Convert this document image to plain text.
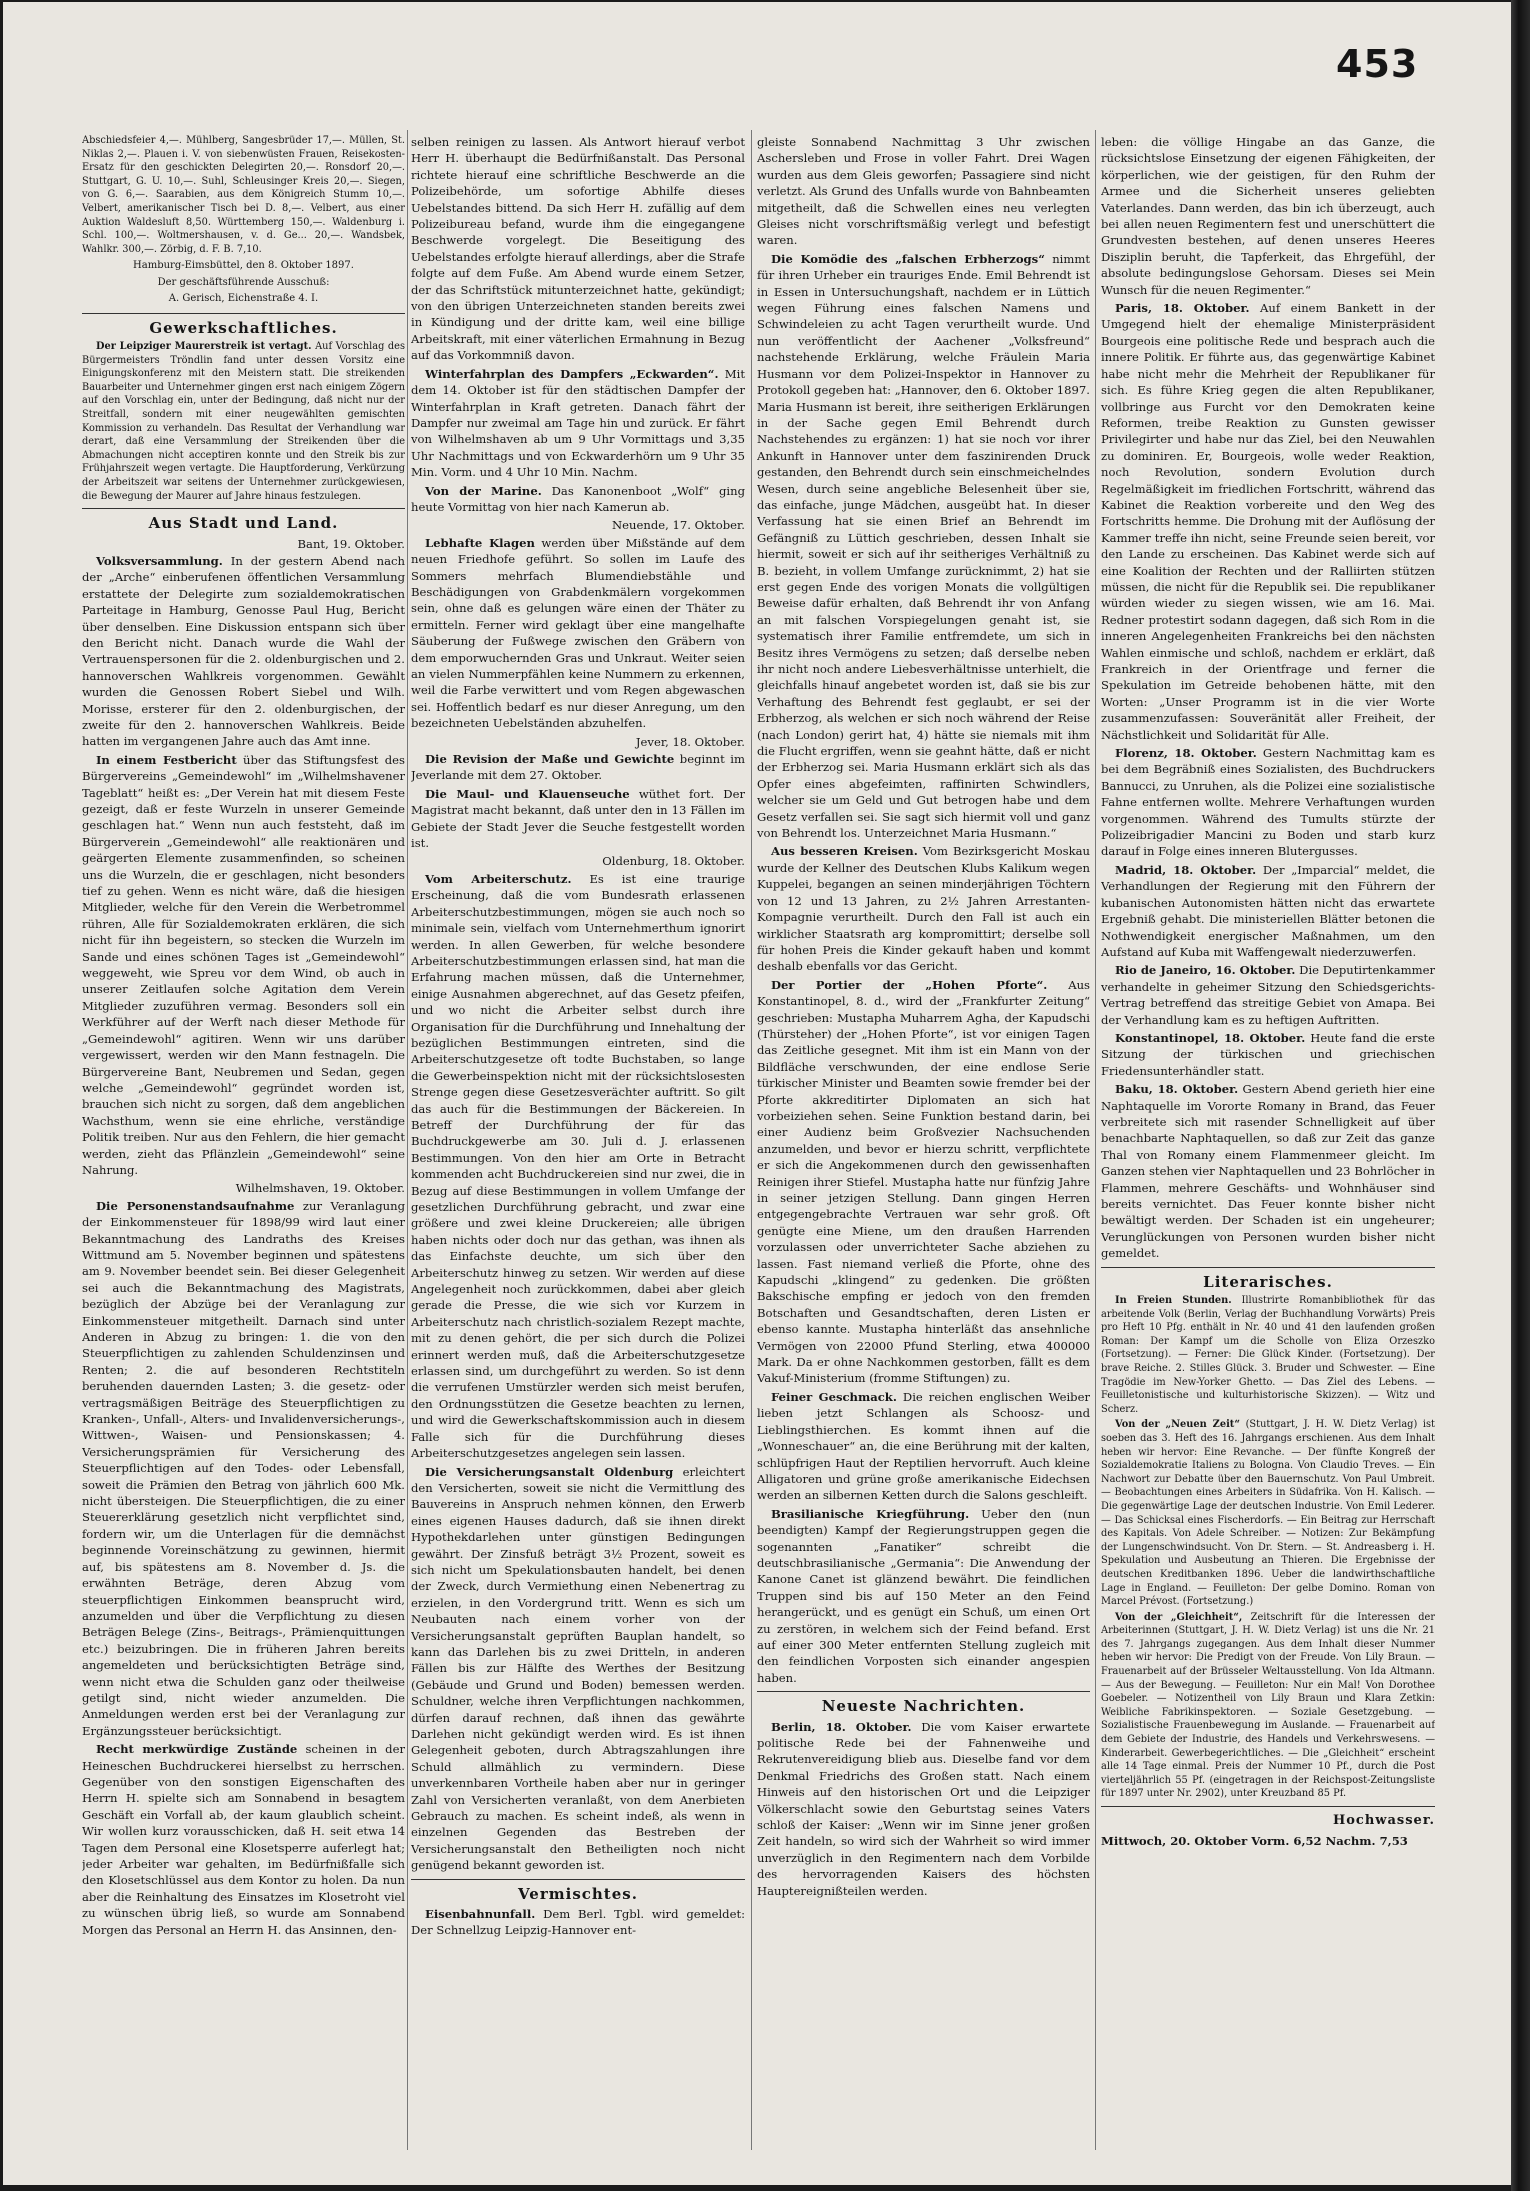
453

Abschiedsfeier 4,—. Mühlberg, Sangesbrüder 17,—. Müllen, St. Niklas 2,—. Plauen i. V. von siebenwüsten Frauen, Reisekosten-Ersatz für den geschickten Delegirten 20,—. Ronsdorf 20,—. Stuttgart, G. U. 10,—. Suhl, Schleusinger Kreis 20,—. Siegen, von G. 6,—. Saarabien, aus dem Königreich Stumm 10,—. Velbert, amerikanischer Tisch bei D. 8,—. Velbert, aus einer Auktion Waldesluft 8,50. Württemberg 150,—. Waldenburg i. Schl. 100,—. Woltmershausen, v. d. Ge... 20,—. Wandsbek, Wahlkr. 300,—. Zörbig, d. F. B. 7,10.

Hamburg-Eimsbüttel, den 8. Oktober 1897.
Der geschäftsführende Ausschuß:
A. Gerisch, Eichenstraße 4. I.
Gewerkschaftliches.

Der Leipziger Maurerstreik ist vertagt. Auf Vorschlag des Bürgermeisters Tröndlin fand unter dessen Vorsitz eine Einigungskonferenz mit den Meistern statt. Die streikenden Bauarbeiter und Unternehmer gingen erst nach einigem Zögern auf den Vorschlag ein, unter der Bedingung, daß nicht nur der Streitfall, sondern mit einer neugewählten gemischten Kommission zu verhandeln. Das Resultat der Verhandlung war derart, daß eine Versammlung der Streikenden über die Abmachungen nicht acceptiren konnte und den Streik bis zur Frühjahrszeit wegen vertagte. Die Hauptforderung, Verkürzung der Arbeitszeit war seitens der Unternehmer zurückgewiesen, die Bewegung der Maurer auf Jahre hinaus festzulegen.

Aus Stadt und Land.
Bant, 19. Oktober.

Volksversammlung. In der gestern Abend nach der „Arche“ einberufenen öffentlichen Versammlung erstattete der Delegirte zum sozialdemokratischen Parteitage in Hamburg, Genosse Paul Hug, Bericht über denselben. Eine Diskussion entspann sich über den Bericht nicht. Danach wurde die Wahl der Vertrauenspersonen für die 2. oldenburgischen und 2. hannoverschen Wahlkreis vorgenommen. Gewählt wurden die Genossen Robert Siebel und Wilh. Morisse, ersterer für den 2. oldenburgischen, der zweite für den 2. hannoverschen Wahlkreis. Beide hatten im vergangenen Jahre auch das Amt inne.

In einem Festbericht über das Stiftungsfest des Bürgervereins „Gemeindewohl“ im „Wilhelmshavener Tageblatt“ heißt es: „Der Verein hat mit diesem Feste gezeigt, daß er feste Wurzeln in unserer Gemeinde geschlagen hat.“ Wenn nun auch feststeht, daß im Bürgerverein „Gemeindewohl“ alle reaktionären und geärgerten Elemente zusammenfinden, so scheinen uns die Wurzeln, die er geschlagen, nicht besonders tief zu gehen. Wenn es nicht wäre, daß die hiesigen Mitglieder, welche für den Verein die Werbetrommel rühren, Alle für Sozialdemokraten erklären, die sich nicht für ihn begeistern, so stecken die Wurzeln im Sande und eines schönen Tages ist „Gemeindewohl“ weggeweht, wie Spreu vor dem Wind, ob auch in unserer Zeitlaufen solche Agitation dem Verein Mitglieder zuzuführen vermag. Besonders soll ein Werkführer auf der Werft nach dieser Methode für „Gemeindewohl“ agitiren. Wenn wir uns darüber vergewissert, werden wir den Mann festnageln. Die Bürgervereine Bant, Neubremen und Sedan, gegen welche „Gemeindewohl“ gegründet worden ist, brauchen sich nicht zu sorgen, daß dem angeblichen Wachsthum, wenn sie eine ehrliche, verständige Politik treiben. Nur aus den Fehlern, die hier gemacht werden, zieht das Pflänzlein „Gemeindewohl“ seine Nahrung.

Wilhelmshaven, 19. Oktober.

Die Personenstandsaufnahme zur Veranlagung der Einkommensteuer für 1898/99 wird laut einer Bekanntmachung des Landraths des Kreises Wittmund am 5. November beginnen und spätestens am 9. November beendet sein. Bei dieser Gelegenheit sei auch die Bekanntmachung des Magistrats, bezüglich der Abzüge bei der Veranlagung zur Einkommensteuer mitgetheilt. Darnach sind unter Anderen in Abzug zu bringen: 1. die von den Steuerpflichtigen zu zahlenden Schuldenzinsen und Renten; 2. die auf besonderen Rechtstiteln beruhenden dauernden Lasten; 3. die gesetz- oder vertragsmäßigen Beiträge des Steuerpflichtigen zu Kranken-, Unfall-, Alters- und Invalidenversicherungs-, Wittwen-, Waisen- und Pensionskassen; 4. Versicherungsprämien für Versicherung des Steuerpflichtigen auf den Todes- oder Lebensfall, soweit die Prämien den Betrag von jährlich 600 Mk. nicht übersteigen. Die Steuerpflichtigen, die zu einer Steuererklärung gesetzlich nicht verpflichtet sind, fordern wir, um die Unterlagen für die demnächst beginnende Voreinschätzung zu gewinnen, hiermit auf, bis spätestens am 8. November d. Js. die erwähnten Beträge, deren Abzug vom steuerpflichtigen Einkommen beansprucht wird, anzumelden und über die Verpflichtung zu diesen Beträgen Belege (Zins-, Beitrags-, Prämienquittungen etc.) beizubringen. Die in früheren Jahren bereits angemeldeten und berücksichtigten Beträge sind, wenn nicht etwa die Schulden ganz oder theilweise getilgt sind, nicht wieder anzumelden. Die Anmeldungen werden erst bei der Veranlagung zur Ergänzungssteuer berücksichtigt.

Recht merkwürdige Zustände scheinen in der Heineschen Buchdruckerei hierselbst zu herrschen. Gegenüber von den sonstigen Eigenschaften des Herrn H. spielte sich am Sonnabend in besagtem Geschäft ein Vorfall ab, der kaum glaublich scheint. Wir wollen kurz vorausschicken, daß H. seit etwa 14 Tagen dem Personal eine Klosetsperre auferlegt hat; jeder Arbeiter war gehalten, im Bedürfnißfalle sich den Klosetschlüssel aus dem Kontor zu holen. Da nun aber die Reinhaltung des Einsatzes im Klosetroht viel zu wünschen übrig ließ, so wurde am Sonnabend Morgen das Personal an Herrn H. das Ansinnen, den-

selben reinigen zu lassen. Als Antwort hierauf verbot Herr H. überhaupt die Bedürfnißanstalt. Das Personal richtete hierauf eine schriftliche Beschwerde an die Polizeibehörde, um sofortige Abhilfe dieses Uebelstandes bittend. Da sich Herr H. zufällig auf dem Polizeibureau befand, wurde ihm die eingegangene Beschwerde vorgelegt. Die Beseitigung des Uebelstandes erfolgte hierauf allerdings, aber die Strafe folgte auf dem Fuße. Am Abend wurde einem Setzer, der das Schriftstück mitunterzeichnet hatte, gekündigt; von den übrigen Unterzeichneten standen bereits zwei in Kündigung und der dritte kam, weil eine billige Arbeitskraft, mit einer väterlichen Ermahnung in Bezug auf das Vorkommniß davon.

Winterfahrplan des Dampfers „Eckwarden“. Mit dem 14. Oktober ist für den städtischen Dampfer der Winterfahrplan in Kraft getreten. Danach fährt der Dampfer nur zweimal am Tage hin und zurück. Er fährt von Wilhelmshaven ab um 9 Uhr Vormittags und 3,35 Uhr Nachmittags und von Eckwarderhörn um 9 Uhr 35 Min. Vorm. und 4 Uhr 10 Min. Nachm.

Von der Marine. Das Kanonenboot „Wolf“ ging heute Vormittag von hier nach Kamerun ab.

Neuende, 17. Oktober.

Lebhafte Klagen werden über Mißstände auf dem neuen Friedhofe geführt. So sollen im Laufe des Sommers mehrfach Blumendiebstähle und Beschädigungen von Grabdenkmälern vorgekommen sein, ohne daß es gelungen wäre einen der Thäter zu ermitteln. Ferner wird geklagt über eine mangelhafte Säuberung der Fußwege zwischen den Gräbern von dem emporwuchernden Gras und Unkraut. Weiter seien an vielen Nummerpfählen keine Nummern zu erkennen, weil die Farbe verwittert und vom Regen abgewaschen sei. Hoffentlich bedarf es nur dieser Anregung, um den bezeichneten Uebelständen abzuhelfen.

Jever, 18. Oktober.

Die Revision der Maße und Gewichte beginnt im Jeverlande mit dem 27. Oktober.

Die Maul- und Klauenseuche wüthet fort. Der Magistrat macht bekannt, daß unter den in 13 Fällen im Gebiete der Stadt Jever die Seuche festgestellt worden ist.

Oldenburg, 18. Oktober.

Vom Arbeiterschutz. Es ist eine traurige Erscheinung, daß die vom Bundesrath erlassenen Arbeiterschutzbestimmungen, mögen sie auch noch so minimale sein, vielfach vom Unternehmerthum ignorirt werden. In allen Gewerben, für welche besondere Arbeiterschutzbestimmungen erlassen sind, hat man die Erfahrung machen müssen, daß die Unternehmer, einige Ausnahmen abgerechnet, auf das Gesetz pfeifen, und wo nicht die Arbeiter selbst durch ihre Organisation für die Durchführung und Innehaltung der bezüglichen Bestimmungen eintreten, sind die Arbeiterschutzgesetze oft todte Buchstaben, so lange die Gewerbeinspektion nicht mit der rücksichtslosesten Strenge gegen diese Gesetzesverächter auftritt. So gilt das auch für die Bestimmungen der Bäckereien. In Betreff der Durchführung der für das Buchdruckgewerbe am 30. Juli d. J. erlassenen Bestimmungen. Von den hier am Orte in Betracht kommenden acht Buchdruckereien sind nur zwei, die in Bezug auf diese Bestimmungen in vollem Umfange der gesetzlichen Durchführung gebracht, und zwar eine größere und zwei kleine Druckereien; alle übrigen haben nichts oder doch nur das gethan, was ihnen als das Einfachste deuchte, um sich über den Arbeiterschutz hinweg zu setzen. Wir werden auf diese Angelegenheit noch zurückkommen, dabei aber gleich gerade die Presse, die wie sich vor Kurzem in Arbeiterschutz nach christlich-sozialem Rezept machte, mit zu denen gehört, die per sich durch die Polizei erinnert werden muß, daß die Arbeiterschutzgesetze erlassen sind, um durchgeführt zu werden. So ist denn die verrufenen Umstürzler werden sich meist berufen, den Ordnungsstützen die Gesetze beachten zu lernen, und wird die Gewerkschaftskommission auch in diesem Falle sich für die Durchführung dieses Arbeiterschutzgesetzes angelegen sein lassen.

Die Versicherungsanstalt Oldenburg erleichtert den Versicherten, soweit sie nicht die Vermittlung des Bauvereins in Anspruch nehmen können, den Erwerb eines eigenen Hauses dadurch, daß sie ihnen direkt Hypothekdarlehen unter günstigen Bedingungen gewährt. Der Zinsfuß beträgt 3½ Prozent, soweit es sich nicht um Spekulationsbauten handelt, bei denen der Zweck, durch Vermiethung einen Nebenertrag zu erzielen, in den Vordergrund tritt. Wenn es sich um Neubauten nach einem vorher von der Versicherungsanstalt geprüften Bauplan handelt, so kann das Darlehen bis zu zwei Dritteln, in anderen Fällen bis zur Hälfte des Werthes der Besitzung (Gebäude und Grund und Boden) bemessen werden. Schuldner, welche ihren Verpflichtungen nachkommen, dürfen darauf rechnen, daß ihnen das gewährte Darlehen nicht gekündigt werden wird. Es ist ihnen Gelegenheit geboten, durch Abtragszahlungen ihre Schuld allmählich zu vermindern. Diese unverkennbaren Vortheile haben aber nur in geringer Zahl von Versicherten veranlaßt, von dem Anerbieten Gebrauch zu machen. Es scheint indeß, als wenn in einzelnen Gegenden das Bestreben der Versicherungsanstalt den Betheiligten noch nicht genügend bekannt geworden ist.

Vermischtes.

Eisenbahnunfall. Dem Berl. Tgbl. wird gemeldet: Der Schnellzug Leipzig-Hannover ent-

gleiste Sonnabend Nachmittag 3 Uhr zwischen Aschersleben und Frose in voller Fahrt. Drei Wagen wurden aus dem Gleis geworfen; Passagiere sind nicht verletzt. Als Grund des Unfalls wurde von Bahnbeamten mitgetheilt, daß die Schwellen eines neu verlegten Gleises nicht vorschriftsmäßig verlegt und befestigt waren.

Die Komödie des „falschen Erbherzogs“ nimmt für ihren Urheber ein trauriges Ende. Emil Behrendt ist in Essen in Untersuchungshaft, nachdem er in Lüttich wegen Führung eines falschen Namens und Schwindeleien zu acht Tagen verurtheilt wurde. Und nun veröffentlicht der Aachener „Volksfreund“ nachstehende Erklärung, welche Fräulein Maria Husmann vor dem Polizei-Inspektor in Hannover zu Protokoll gegeben hat: „Hannover, den 6. Oktober 1897. Maria Husmann ist bereit, ihre seitherigen Erklärungen in der Sache gegen Emil Behrendt durch Nachstehendes zu ergänzen: 1) hat sie noch vor ihrer Ankunft in Hannover unter dem faszinirenden Druck gestanden, den Behrendt durch sein einschmeichelndes Wesen, durch seine angebliche Belesenheit über sie, das einfache, junge Mädchen, ausgeübt hat. In dieser Verfassung hat sie einen Brief an Behrendt im Gefängniß zu Lüttich geschrieben, dessen Inhalt sie hiermit, soweit er sich auf ihr seitheriges Verhältniß zu B. bezieht, in vollem Umfange zurücknimmt, 2) hat sie erst gegen Ende des vorigen Monats die vollgültigen Beweise dafür erhalten, daß Behrendt ihr von Anfang an mit falschen Vorspiegelungen genaht ist, sie systematisch ihrer Familie entfremdete, um sich in Besitz ihres Vermögens zu setzen; daß derselbe neben ihr nicht noch andere Liebesverhältnisse unterhielt, die gleichfalls hinauf angebetet worden ist, daß sie bis zur Verhaftung des Behrendt fest geglaubt, er sei der Erbherzog, als welchen er sich noch während der Reise (nach London) gerirt hat, 4) hätte sie niemals mit ihm die Flucht ergriffen, wenn sie geahnt hätte, daß er nicht der Erbherzog sei. Maria Husmann erklärt sich als das Opfer eines abgefeimten, raffinirten Schwindlers, welcher sie um Geld und Gut betrogen habe und dem Gesetz verfallen sei. Sie sagt sich hiermit voll und ganz von Behrendt los. Unterzeichnet Maria Husmann.“

Aus besseren Kreisen. Vom Bezirksgericht Moskau wurde der Kellner des Deutschen Klubs Kalikum wegen Kuppelei, begangen an seinen minderjährigen Töchtern von 12 und 13 Jahren, zu 2½ Jahren Arrestanten-Kompagnie verurtheilt. Durch den Fall ist auch ein wirklicher Staatsrath arg kompromittirt; derselbe soll für hohen Preis die Kinder gekauft haben und kommt deshalb ebenfalls vor das Gericht.

Der Portier der „Hohen Pforte“. Aus Konstantinopel, 8. d., wird der „Frankfurter Zeitung“ geschrieben: Mustapha Muharrem Agha, der Kapudschi (Thürsteher) der „Hohen Pforte“, ist vor einigen Tagen das Zeitliche gesegnet. Mit ihm ist ein Mann von der Bildfläche verschwunden, der eine endlose Serie türkischer Minister und Beamten sowie fremder bei der Pforte akkreditirter Diplomaten an sich hat vorbeiziehen sehen. Seine Funktion bestand darin, bei einer Audienz beim Großvezier Nachsuchenden anzumelden, und bevor er hierzu schritt, verpflichtete er sich die Angekommenen durch den gewissenhaften Reinigen ihrer Stiefel. Mustapha hatte nur fünfzig Jahre in seiner jetzigen Stellung. Dann gingen Herren entgegengebrachte Vertrauen war sehr groß. Oft genügte eine Miene, um den draußen Harrenden vorzulassen oder unverrichteter Sache abziehen zu lassen. Fast niemand verließ die Pforte, ohne des Kapudschi „klingend“ zu gedenken. Die größten Bakschische empfing er jedoch von den fremden Botschaften und Gesandtschaften, deren Listen er ebenso kannte. Mustapha hinterläßt das ansehnliche Vermögen von 22000 Pfund Sterling, etwa 400000 Mark. Da er ohne Nachkommen gestorben, fällt es dem Vakuf-Ministerium (fromme Stiftungen) zu.

Feiner Geschmack. Die reichen englischen Weiber lieben jetzt Schlangen als Schoosz- und Lieblingsthierchen. Es kommt ihnen auf die „Wonneschauer“ an, die eine Berührung mit der kalten, schlüpfrigen Haut der Reptilien hervorruft. Auch kleine Alligatoren und grüne große amerikanische Eidechsen werden an silbernen Ketten durch die Salons geschleift.

Brasilianische Kriegführung. Ueber den (nun beendigten) Kampf der Regierungstruppen gegen die sogenannten „Fanatiker“ schreibt die deutschbrasilianische „Germania“: Die Anwendung der Kanone Canet ist glänzend bewährt. Die feindlichen Truppen sind bis auf 150 Meter an den Feind herangerückt, und es genügt ein Schuß, um einen Ort zu zerstören, in welchem sich der Feind befand. Erst auf einer 300 Meter entfernten Stellung zugleich mit den feindlichen Vorposten sich einander angespien haben.

Neueste Nachrichten.

Berlin, 18. Oktober. Die vom Kaiser erwartete politische Rede bei der Fahnenweihe und Rekrutenvereidigung blieb aus. Dieselbe fand vor dem Denkmal Friedrichs des Großen statt. Nach einem Hinweis auf den historischen Ort und die Leipziger Völkerschlacht sowie den Geburtstag seines Vaters schloß der Kaiser: „Wenn wir im Sinne jener großen Zeit handeln, so wird sich der Wahrheit so wird immer unverzüglich in den Regimentern nach dem Vorbilde des hervorragenden Kaisers des höchsten Hauptereignißteilen werden.

leben: die völlige Hingabe an das Ganze, die rücksichtslose Einsetzung der eigenen Fähigkeiten, der körperlichen, wie der geistigen, für den Ruhm der Armee und die Sicherheit unseres geliebten Vaterlandes. Dann werden, das bin ich überzeugt, auch bei allen neuen Regimentern fest und unerschüttert die Grundvesten bestehen, auf denen unseres Heeres Disziplin beruht, die Tapferkeit, das Ehrgefühl, der absolute bedingungslose Gehorsam. Dieses sei Mein Wunsch für die neuen Regimenter.“

Paris, 18. Oktober. Auf einem Bankett in der Umgegend hielt der ehemalige Ministerpräsident Bourgeois eine politische Rede und besprach auch die innere Politik. Er führte aus, das gegenwärtige Kabinet habe nicht mehr die Mehrheit der Republikaner für sich. Es führe Krieg gegen die alten Republikaner, vollbringe aus Furcht vor den Demokraten keine Reformen, treibe Reaktion zu Gunsten gewisser Privilegirter und habe nur das Ziel, bei den Neuwahlen zu dominiren. Er, Bourgeois, wolle weder Reaktion, noch Revolution, sondern Evolution durch Regelmäßigkeit im friedlichen Fortschritt, während das Kabinet die Reaktion vorbereite und den Weg des Fortschritts hemme. Die Drohung mit der Auflösung der Kammer treffe ihn nicht, seine Freunde seien bereit, vor den Lande zu erscheinen. Das Kabinet werde sich auf eine Koalition der Rechten und der Ralliirten stützen müssen, die nicht für die Republik sei. Die republikaner würden wieder zu siegen wissen, wie am 16. Mai. Redner protestirt sodann dagegen, daß sich Rom in die inneren Angelegenheiten Frankreichs bei den nächsten Wahlen einmische und schloß, nachdem er erklärt, daß Frankreich in der Orientfrage und ferner die Spekulation im Getreide behobenen hätte, mit den Worten: „Unser Programm ist in die vier Worte zusammenzufassen: Souveränität aller Freiheit, der Nächstlichkeit und Solidarität für Alle.

Florenz, 18. Oktober. Gestern Nachmittag kam es bei dem Begräbniß eines Sozialisten, des Buchdruckers Bannucci, zu Unruhen, als die Polizei eine sozialistische Fahne entfernen wollte. Mehrere Verhaftungen wurden vorgenommen. Während des Tumults stürzte der Polizeibrigadier Mancini zu Boden und starb kurz darauf in Folge eines inneren Blutergusses.

Madrid, 18. Oktober. Der „Imparcial“ meldet, die Verhandlungen der Regierung mit den Führern der kubanischen Autonomisten hätten nicht das erwartete Ergebniß gehabt. Die ministeriellen Blätter betonen die Nothwendigkeit energischer Maßnahmen, um den Aufstand auf Kuba mit Waffengewalt niederzuwerfen.

Rio de Janeiro, 16. Oktober. Die Deputirtenkammer verhandelte in geheimer Sitzung den Schiedsgerichts-Vertrag betreffend das streitige Gebiet von Amapa. Bei der Verhandlung kam es zu heftigen Auftritten.

Konstantinopel, 18. Oktober. Heute fand die erste Sitzung der türkischen und griechischen Friedensunterhändler statt.

Baku, 18. Oktober. Gestern Abend gerieth hier eine Naphtaquelle im Vororte Romany in Brand, das Feuer verbreitete sich mit rasender Schnelligkeit auf über benachbarte Naphtaquellen, so daß zur Zeit das ganze Thal von Romany einem Flammenmeer gleicht. Im Ganzen stehen vier Naphtaquellen und 23 Bohrlöcher in Flammen, mehrere Geschäfts- und Wohnhäuser sind bereits vernichtet. Das Feuer konnte bisher nicht bewältigt werden. Der Schaden ist ein ungeheurer; Verunglückungen von Personen wurden bisher nicht gemeldet.

Literarisches.

In Freien Stunden. Illustrirte Romanbibliothek für das arbeitende Volk (Berlin, Verlag der Buchhandlung Vorwärts) Preis pro Heft 10 Pfg. enthält in Nr. 40 und 41 den laufenden großen Roman: Der Kampf um die Scholle von Eliza Orzeszko (Fortsetzung). — Ferner: Die Glück Kinder. (Fortsetzung). Der brave Reiche. 2. Stilles Glück. 3. Bruder und Schwester. — Eine Tragödie im New-Yorker Ghetto. — Das Ziel des Lebens. — Feuilletonistische und kulturhistorische Skizzen). — Witz und Scherz.

Von der „Neuen Zeit“ (Stuttgart, J. H. W. Dietz Verlag) ist soeben das 3. Heft des 16. Jahrgangs erschienen. Aus dem Inhalt heben wir hervor: Eine Revanche. — Der fünfte Kongreß der Sozialdemokratie Italiens zu Bologna. Von Claudio Treves. — Ein Nachwort zur Debatte über den Bauernschutz. Von Paul Umbreit. — Beobachtungen eines Arbeiters in Südafrika. Von H. Kalisch. — Die gegenwärtige Lage der deutschen Industrie. Von Emil Lederer. — Das Schicksal eines Fischerdorfs. — Ein Beitrag zur Herrschaft des Kapitals. Von Adele Schreiber. — Notizen: Zur Bekämpfung der Lungenschwindsucht. Von Dr. Stern. — St. Andreasberg i. H. Spekulation und Ausbeutung an Thieren. Die Ergebnisse der deutschen Kreditbanken 1896. Ueber die landwirthschaftliche Lage in England. — Feuilleton: Der gelbe Domino. Roman von Marcel Prévost. (Fortsetzung.)

Von der „Gleichheit“, Zeitschrift für die Interessen der Arbeiterinnen (Stuttgart, J. H. W. Dietz Verlag) ist uns die Nr. 21 des 7. Jahrgangs zugegangen. Aus dem Inhalt dieser Nummer heben wir hervor: Die Predigt von der Freude. Von Lily Braun. — Frauenarbeit auf der Brüsseler Weltausstellung. Von Ida Altmann. — Aus der Bewegung. — Feuilleton: Nur ein Mal! Von Dorothee Goebeler. — Notizentheil von Lily Braun und Klara Zetkin: Weibliche Fabrikinspektoren. — Soziale Gesetzgebung. — Sozialistische Frauenbewegung im Auslande. — Frauenarbeit auf dem Gebiete der Industrie, des Handels und Verkehrswesens. — Kinderarbeit. Gewerbegerichtliches. — Die „Gleichheit“ erscheint alle 14 Tage einmal. Preis der Nummer 10 Pf., durch die Post vierteljährlich 55 Pf. (eingetragen in der Reichspost-Zeitungsliste für 1897 unter Nr. 2902), unter Kreuzband 85 Pf.

Hochwasser.

Mittwoch, 20. Oktober Vorm. 6,52 Nachm. 7,53
